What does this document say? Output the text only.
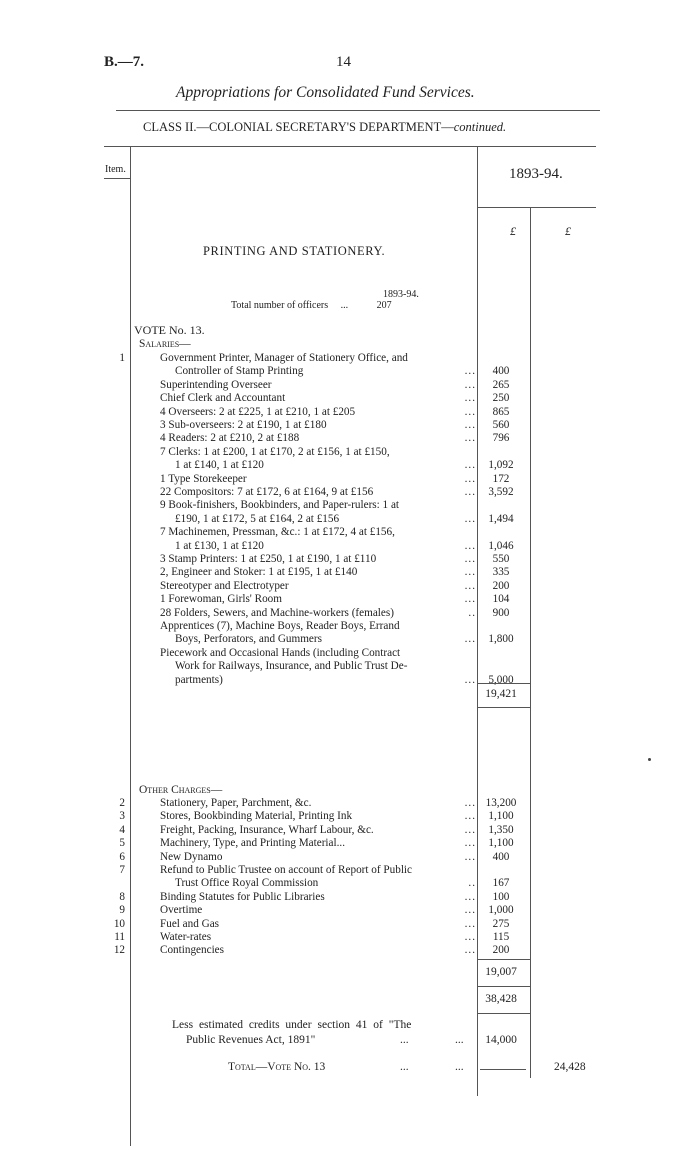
B.—7.	14
Appropriations for Consolidated Fund Services.
CLASS II.—COLONIAL SECRETARY'S DEPARTMENT—continued.
Item.	1893-94.
£	£
PRINTING AND STATIONERY.
1893-94.
Total number of officers ...	207
VOTE No. 13.
Salaries—
1	Government Printer, Manager of Stationery Office, and
Controller of Stamp Printing	...	400
Superintending Overseer	...	265
Chief Clerk and Accountant	...	250
4 Overseers: 2 at £225, 1 at £210, 1 at £205	...	865
3 Sub-overseers: 2 at £190, 1 at £180	...	560
4 Readers: 2 at £210, 2 at £188	...	796
7 Clerks: 1 at £200, 1 at £170, 2 at £156, 1 at £150,
1 at £140, 1 at £120	...	1,092
1 Type Storekeeper	...	172
22 Compositors: 7 at £172, 6 at £164, 9 at £156	...	3,592
9 Book-finishers, Bookbinders, and Paper-rulers: 1 at
£190, 1 at £172, 5 at £164, 2 at £156	...	1,494
7 Machinemen, Pressman, &c.: 1 at £172, 4 at £156,
1 at £130, 1 at £120	...	1,046
3 Stamp Printers: 1 at £250, 1 at £190, 1 at £110	...	550
2, Engineer and Stoker: 1 at £195, 1 at £140	...	335
Stereotyper and Electrotyper	...	200
1 Forewoman, Girls' Room	...	104
28 Folders, Sewers, and Machine-workers (females)	..	900
Apprentices (7), Machine Boys, Reader Boys, Errand
Boys, Perforators, and Gummers	...	1,800
Piecework and Occasional Hands (including Contract
Work for Railways, Insurance, and Public Trust De-
partments)	...	5,000
19,421
Other Charges—
2	Stationery, Paper, Parchment, &c.	... 13,200
3	Stores, Bookbinding Material, Printing Ink	...	1,100
4	Freight, Packing, Insurance, Wharf Labour, &c.	...	1,350
5	Machinery, Type, and Printing Material...	...	1,100
6	New Dynamo	...	400
7	Refund to Public Trustee on account of Report of Public
Trust Office Royal Commission	..	167
8	Binding Statutes for Public Libraries	...	100
9	Overtime	...	1,000
10	Fuel and Gas	...	275
11	Water-rates	...	115
12	Contingencies	...	200
19,007
38,428
Less estimated credits under section 41 of "The
Public Revenues Act, 1891"	...	...	14,000
Total—Vote No. 13	...	...	24,428
